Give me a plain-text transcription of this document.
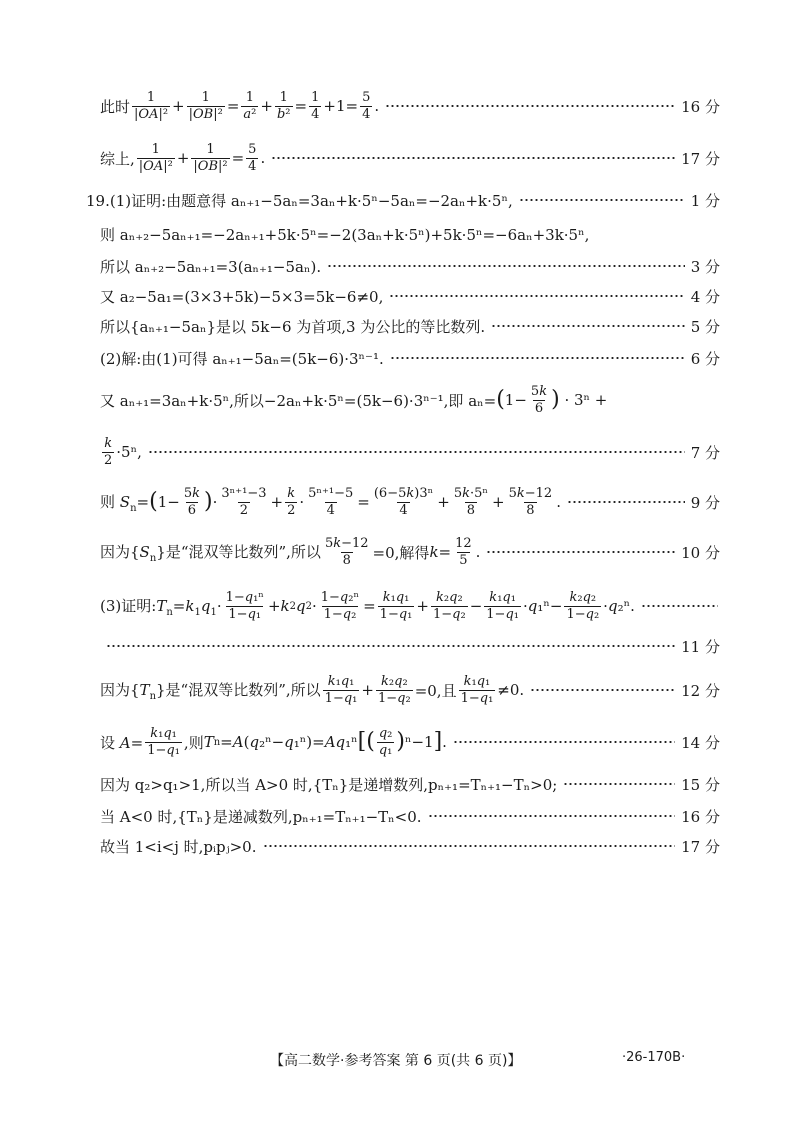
此时 $\frac{1}{\text{|OA|²}} + \frac{1}{\text{|OB|²}} = \frac{1}{\text{a²}} + \frac{1}{\text{b²}} = \frac{1}{4} +1= \frac{5}{4}$ .	16 分
综上, $\frac{1}{\text{|OA|²}} + \frac{1}{\text{|OB|²}} = \frac{5}{4}$ .	17 分
19.(1)证明:由题意得 aₙ₊₁−5aₙ=3aₙ+k·5ⁿ−5aₙ=−2aₙ+k·5ⁿ,	1 分
则 aₙ₊₂−5aₙ₊₁=−2aₙ₊₁+5k·5ⁿ=−2(3aₙ+k·5ⁿ)+5k·5ⁿ=−6aₙ+3k·5ⁿ,
所以 aₙ₊₂−5aₙ₊₁=3(aₙ₊₁−5aₙ).	3 分
又 a₂−5a₁=(3×3+5k)−5×3=5k−6≠0,	4 分
所以{aₙ₊₁−5aₙ}是以 5k−6 为首项,3 为公比的等比数列.	5 分
(2)解:由(1)可得 aₙ₊₁−5aₙ=(5k−6)·3ⁿ⁻¹.	6 分
又 aₙ₊₁=3aₙ+k·5ⁿ,所以−2aₙ+k·5ⁿ=(5k−6)·3ⁿ⁻¹,即 aₙ= ( $1- \frac{5k}{6}$ ) · 3ⁿ +
$\frac{k}{2} \cdot 5^n$,	7 分
则 $S_n=$ ( $1- \frac{5k}{6}$ ) · $\frac{\text{3ⁿ⁺¹−3}}{2} + \frac{k}{2} \cdot \frac{\text{5ⁿ⁺¹−5}}{4} = \frac{\text{(6−5k)3ⁿ}}{4} + \frac{\text{5k·5ⁿ}}{8} + \frac{5k-12}{8}$ .	9 分
因为$\{S_n\}$是“混双等比数列”,所以 $\frac{5k-12}{8} =0$,解得 $k = \frac{12}{5}$ .	10 分
(3)证明$:T_n=k_1q_1\cdot \frac{\text{1−q₁ⁿ}}{\text{1−q₁}} + k$ 2 q $2 \cdot \frac{\text{1−q₂ⁿ}}{\text{1−q₂}} = \frac{\text{k₁q₁}}{\text{1−q₁}} + \frac{\text{k₂q₂}}{\text{1−q₂}} - \frac{\text{k₁q₁}}{\text{1−q₁}} \cdot q$ $_1^n- \frac{\text{k₂q₂}}{\text{1−q₂}} \cdot q$ ₂ⁿ.
11 分
因为$\{T_n\}$是“混双等比数列”,所以 $\frac{\text{k₁q₁}}{\text{1−q₁}} + \frac{\text{k₂q₂}}{\text{1−q₂}} =0$,且 $\frac{\text{k₁q₁}}{\text{1−q₁}} \ne 0$.	12 分
设 $A= \frac{\text{k₁q₁}}{\text{1−q₁}}$ ,则 T n = A ( q ₂ⁿ− q ₁ⁿ)= Aq ₁ⁿ [ ( $\frac{\text{q₂}}{\text{q₁}}$ ) ⁿ−1 ] .	14 分
因为 q₂>q₁>1,所以当 A>0 时,{Tₙ}是递增数列,pₙ₊₁=Tₙ₊₁−Tₙ>0;	15 分
当 A<0 时,{Tₙ}是递减数列,pₙ₊₁=Tₙ₊₁−Tₙ<0.	16 分
故当 1<i<j 时,pᵢpⱼ>0.	17 分
【高二数学·参考答案 第 6 页(共 6 页)】	·26-170B·
